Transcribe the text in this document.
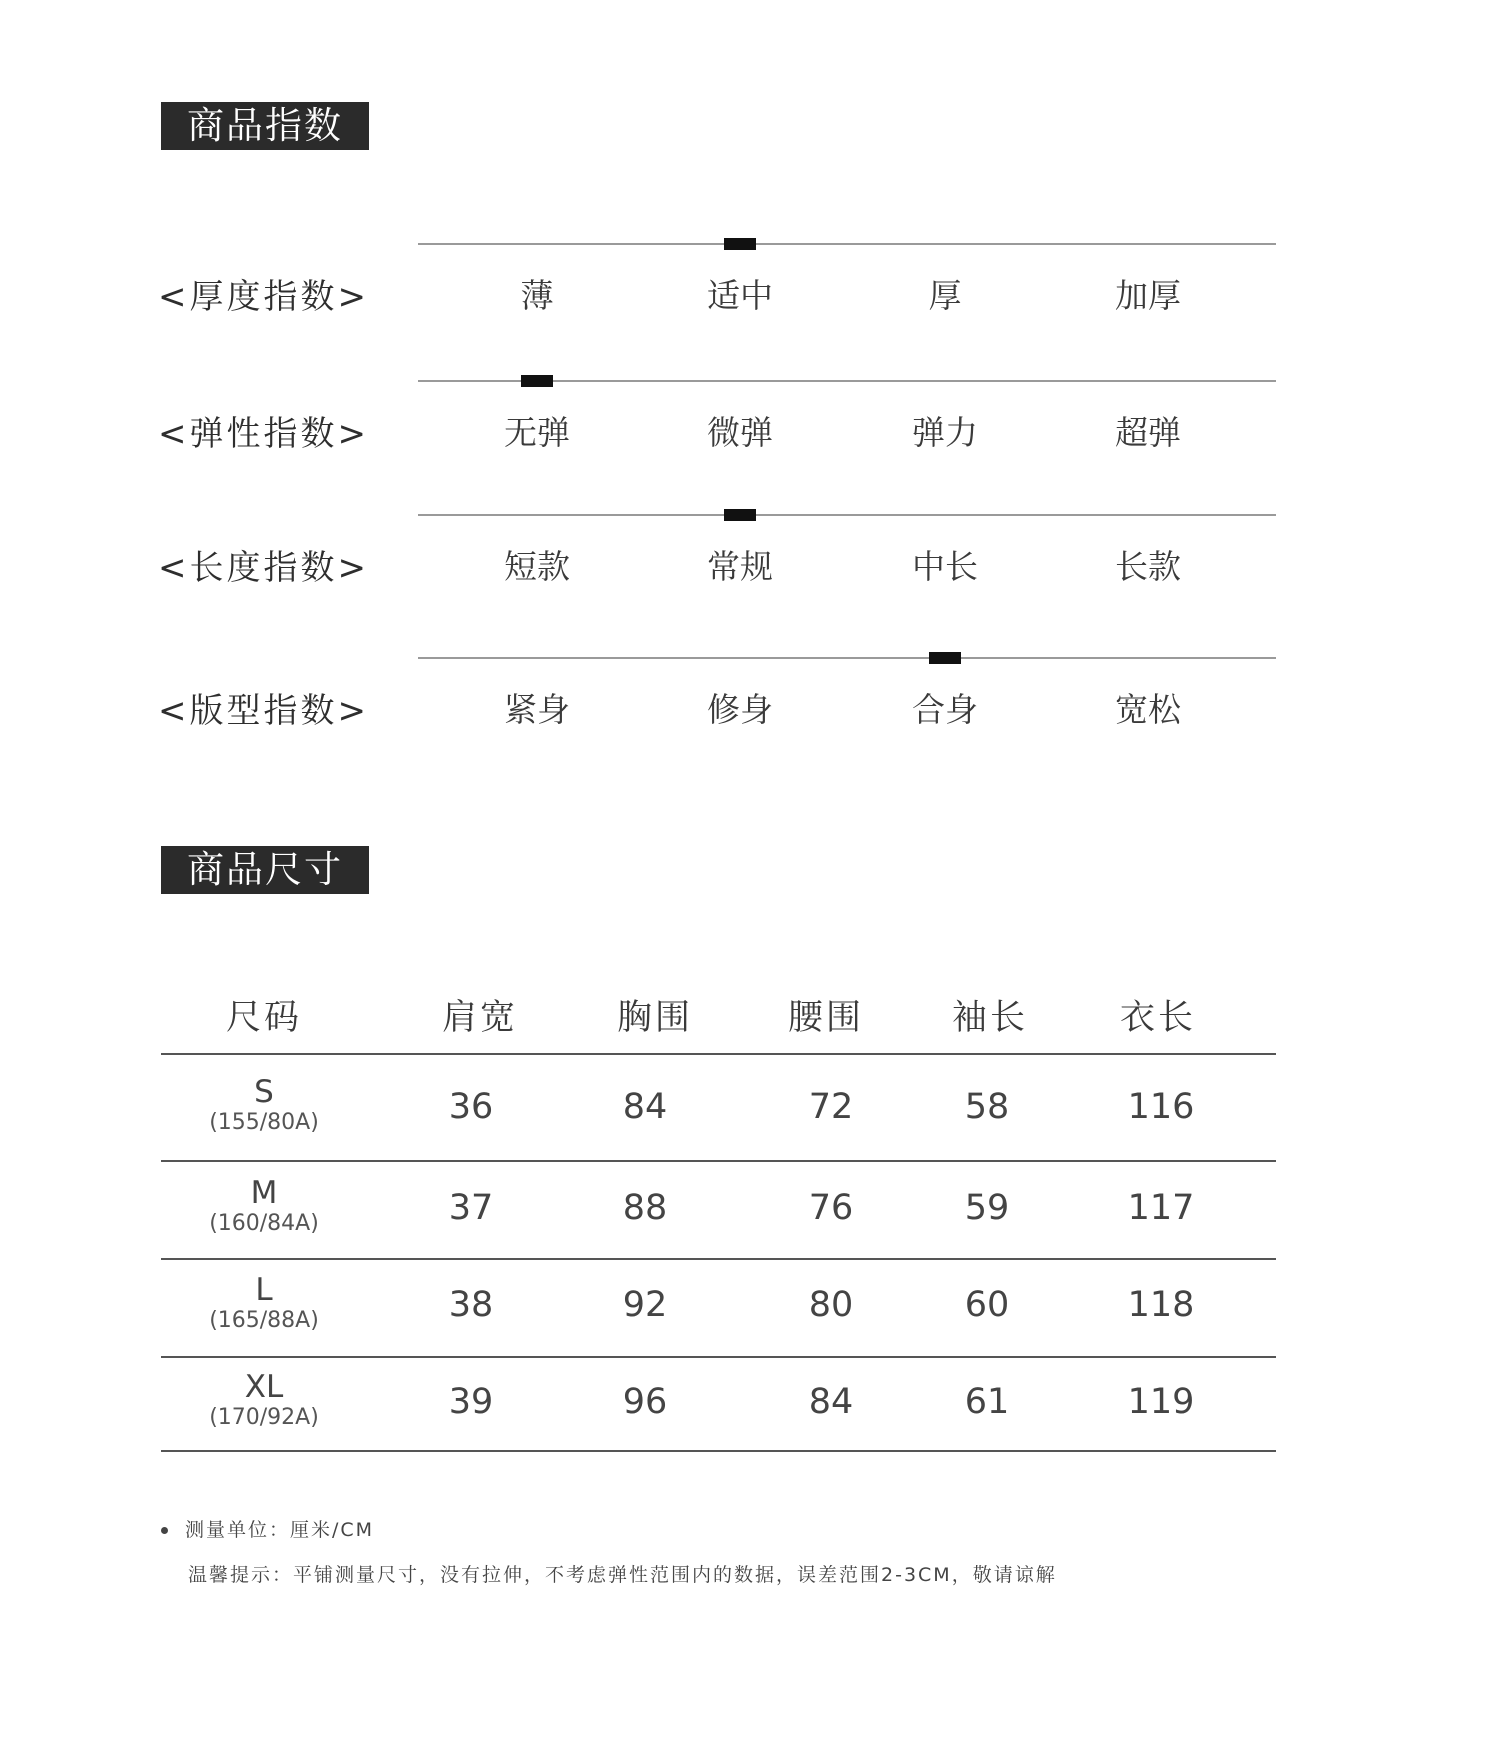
商品指数
<厚度指数>	薄	适中	厚	加厚
<弹性指数>	无弹	微弹	弹力	超弹
<长度指数>	短款	常规	中长	长款
<版型指数>	紧身	修身	合身	宽松
商品尺寸
尺码	肩宽	胸围	腰围	袖长	衣长
S
(155/80A)	36	84	72	58	116
M
(160/84A)	37	88	76	59	117
L
(165/88A)	38	92	80	60	118
XL
(170/92A)	39	96	84	61	119
测量单位：厘米/CM
温馨提示：平铺测量尺寸，没有拉伸，不考虑弹性范围内的数据，误差范围2-3CM，敬请谅解
